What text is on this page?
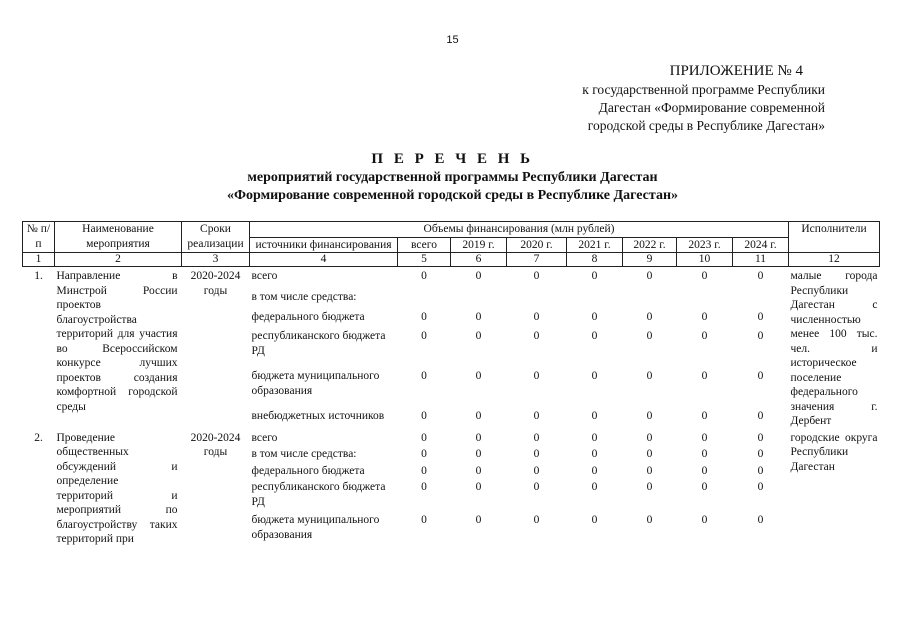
15
ПРИЛОЖЕНИЕ № 4
к государственной программе Республики
Дагестан «Формирование современной
городской среды в Республике Дагестан»
П Е Р Е Ч Е Н Ь
мероприятий государственной программы Республики Дагестан
«Формирование современной городской среды в Республике Дагестан»
№ п/п	Наименование мероприятия	Сроки реализации	Объемы финансирования (млн рублей)								Исполнители
			источники финансирования	всего	2019 г.	2020 г.	2021 г.	2022 г.	2023 г.	2024 г.	
1	2	3	4	5	6	7	8	9	10	11	12
1.	Направление в Минстрой России проектов благоустройства территорий для участия во Всероссийском конкурсе лучших проектов создания комфортной городской среды	2020-2024 годы	всего	0	0	0	0	0	0	0	малые города Республики Дагестан с численностью менее 100 тыс. чел. и историческое поселение федерального значения г. Дербент
			в том числе средства:								
			федерального бюджета	0	0	0	0	0	0	0	
			республиканского бюджета РД	0	0	0	0	0	0	0	
			бюджета муниципального образования	0	0	0	0	0	0	0	
			внебюджетных источников	0	0	0	0	0	0	0	
2.	Проведение общественных обсуждений и определение территорий и мероприятий по благоустройству таких территорий при	2020-2024 годы	всего	0	0	0	0	0	0	0	городские округа Республики Дагестан
			в том числе средства:	0	0	0	0	0	0	0	
			федерального бюджета	0	0	0	0	0	0	0	
			республиканского бюджета РД	0	0	0	0	0	0	0	
			бюджета муниципального образования	0	0	0	0	0	0	0	
